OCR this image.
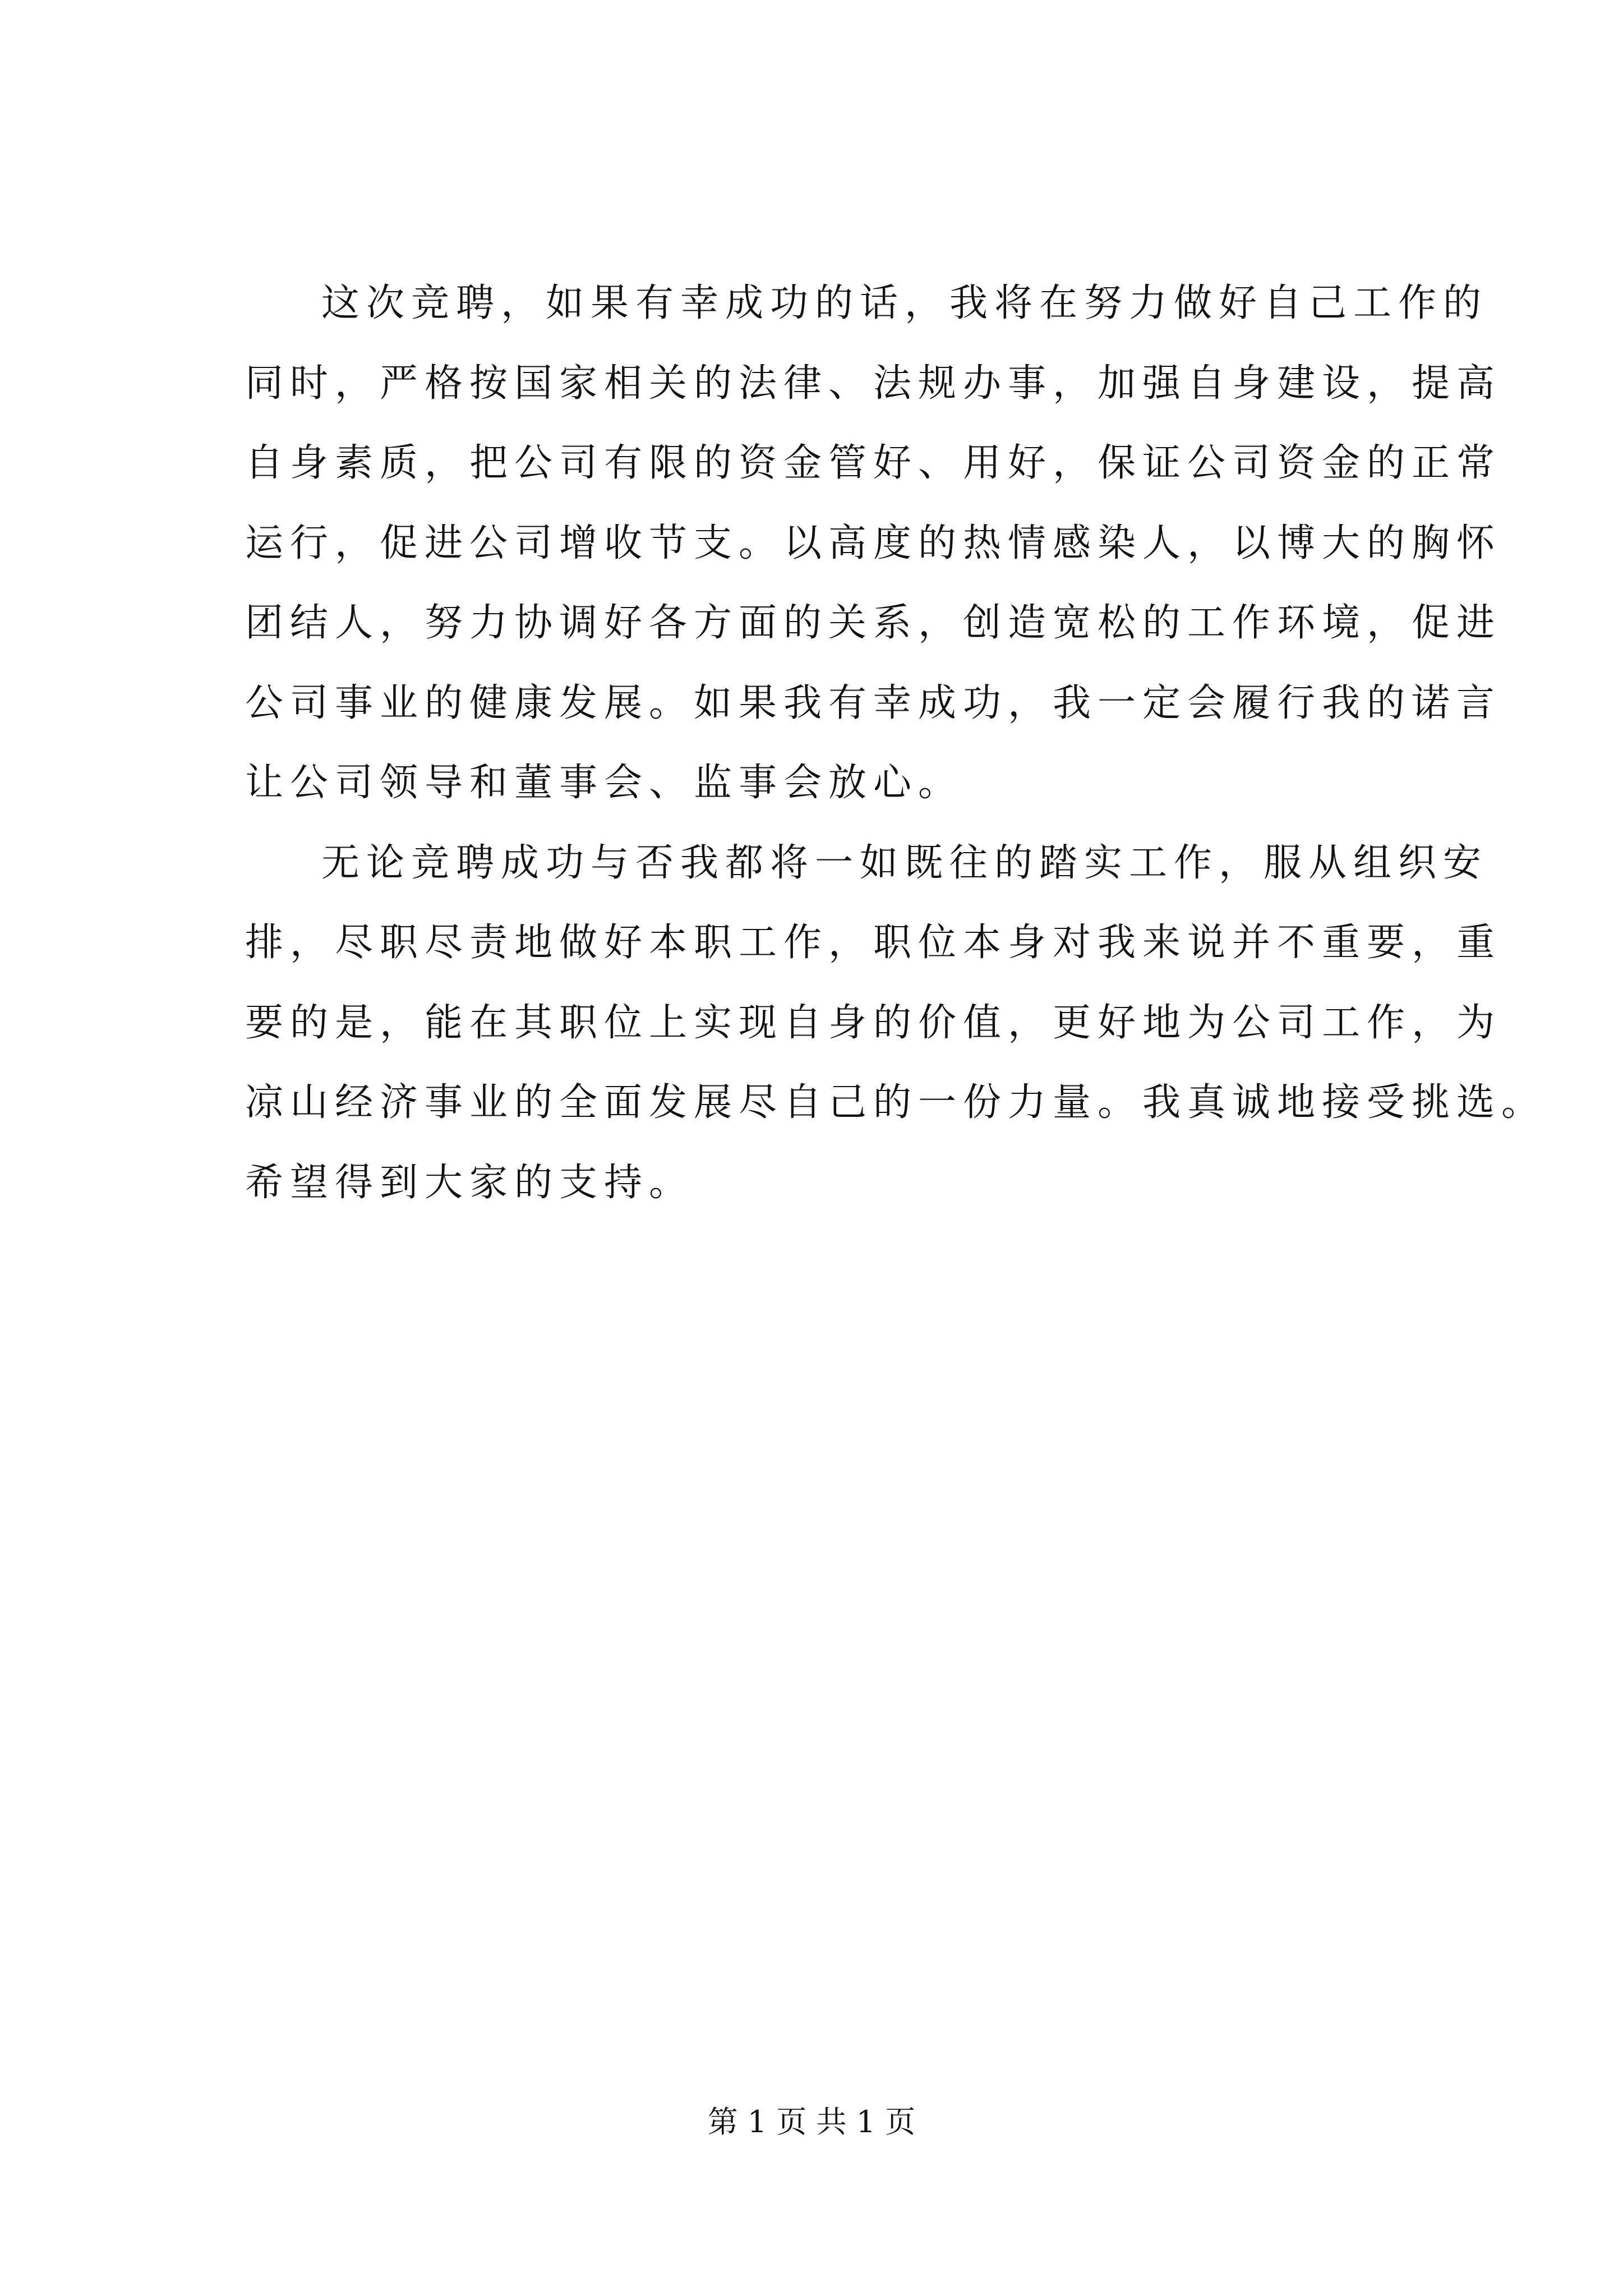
这次竞聘，如果有幸成功的话，我将在努力做好自己工作的
同时，严格按国家相关的法律、法规办事，加强自身建设，提高
自身素质，把公司有限的资金管好、用好，保证公司资金的正常
运行，促进公司增收节支。以高度的热情感染人，以博大的胸怀
团结人，努力协调好各方面的关系，创造宽松的工作环境，促进
公司事业的健康发展。如果我有幸成功，我一定会履行我的诺言
让公司领导和董事会、监事会放心。
无论竞聘成功与否我都将一如既往的踏实工作，服从组织安
排，尽职尽责地做好本职工作，职位本身对我来说并不重要，重
要的是，能在其职位上实现自身的价值，更好地为公司工作，为
凉山经济事业的全面发展尽自己的一份力量。我真诚地接受挑选。
希望得到大家的支持。
第 1 页 共 1 页
